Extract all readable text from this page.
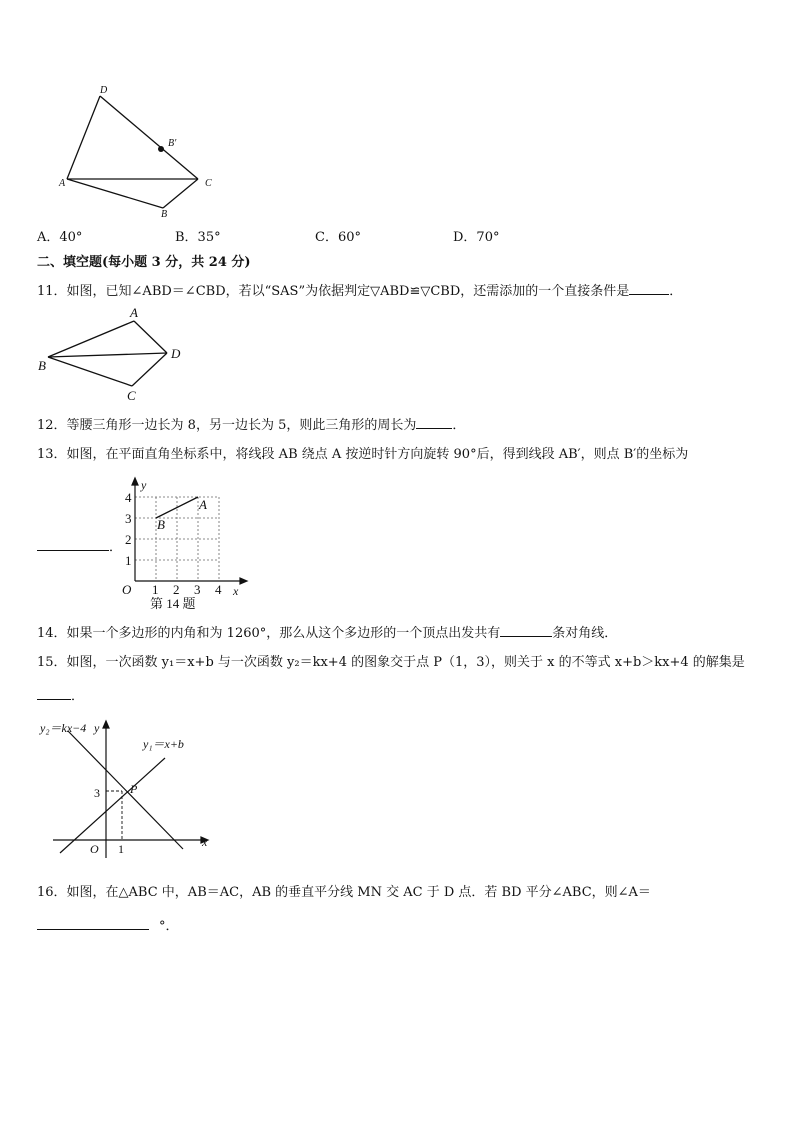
D
B′
A	C
B
A．40°	B．35°	C．60°	D．70°
二、填空题(每小题 3 分，共 24 分)
11．如图，已知∠ABD＝∠CBD，若以“SAS”为依据判定▽ABD≌▽CBD，还需添加的一个直接条件是	．
A
B
C
D
12．等腰三角形一边长为 8，另一边长为 5，则此三角形的周长为	．
13．如图，在平面直角坐标系中，将线段 AB 绕点 A 按逆时针方向旋转 90°后，得到线段 AB′，则点 B′的坐标为
．
4
3
2
1
1 2 3 4
O	x
y
A
B
第 14 题
14．如果一个多边形的内角和为 1260°，那么从这个多边形的一个顶点出发共有	条对角线．
15．如图，一次函数 y₁＝x+b 与一次函数 y₂＝kx+4 的图象交于点 P（1，3），则关于 x 的不等式 x+b＞kx+4 的解集是
．
y₂＝kx−4 y
y₁＝x+b
P
3
O 1	x
16．如图，在△ABC 中，AB＝AC，AB 的垂直平分线 MN 交 AC 于 D 点．若 BD 平分∠ABC，则∠A＝
°．
